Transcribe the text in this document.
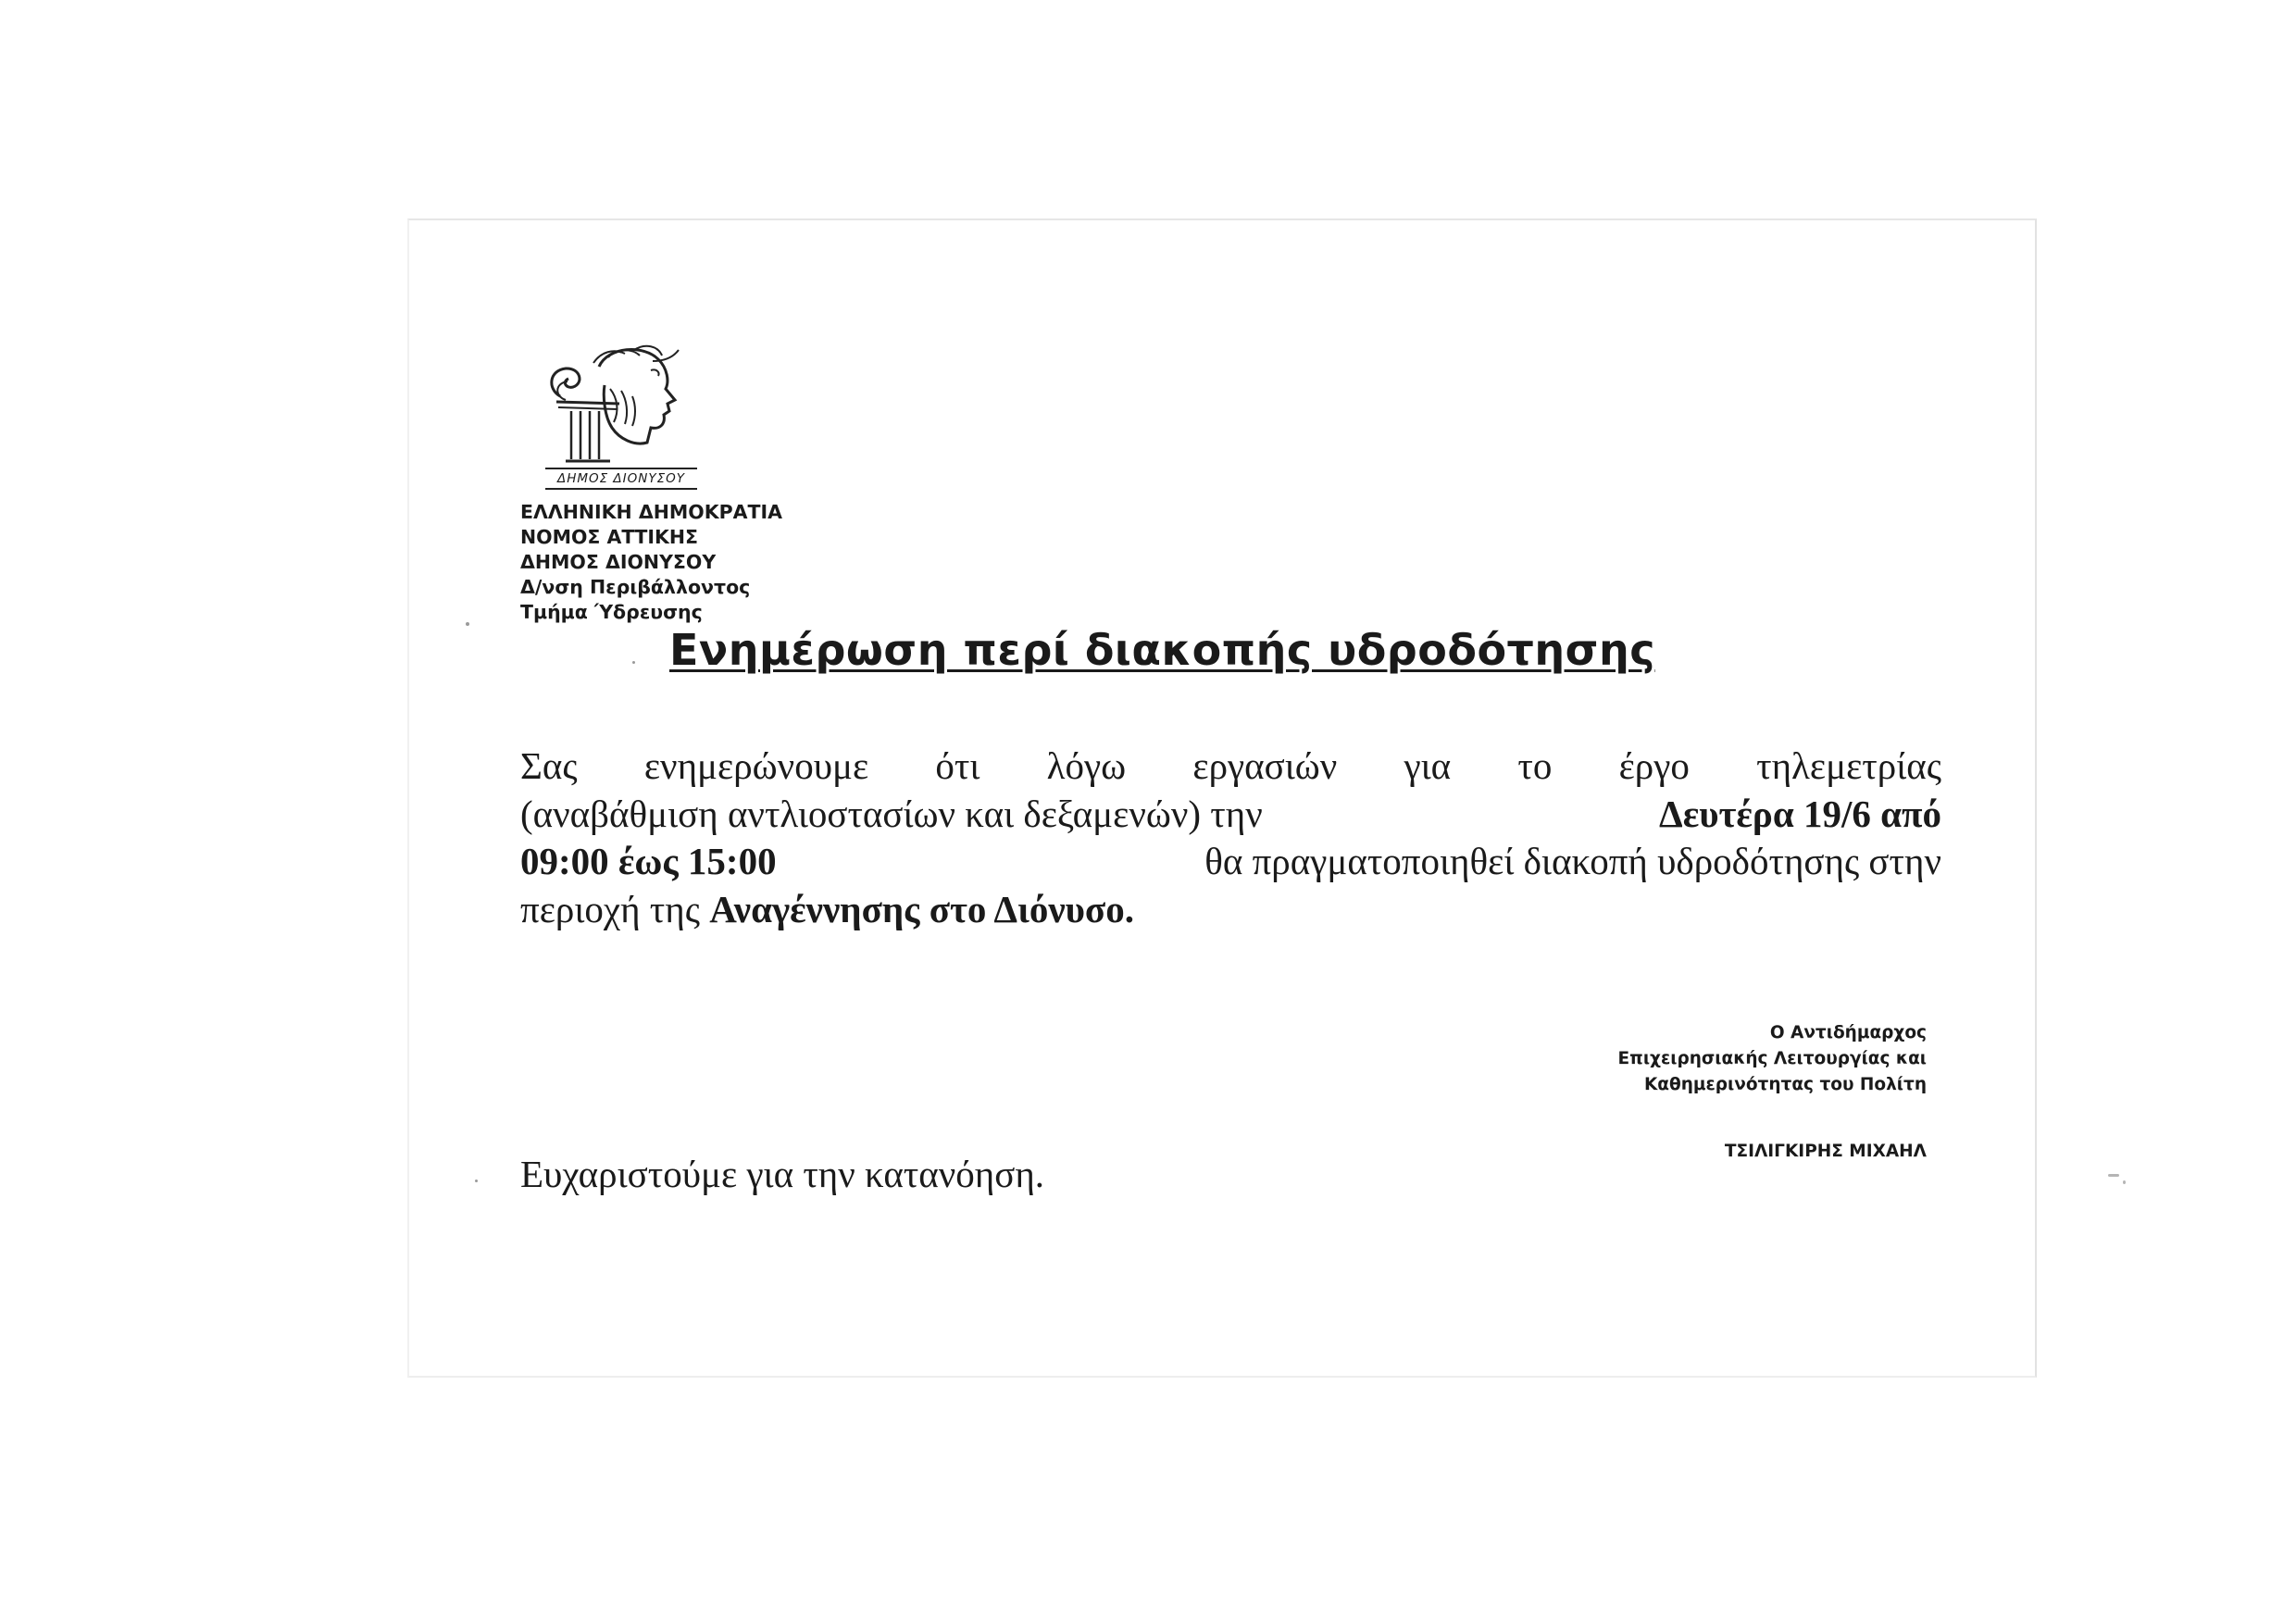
ΔΗΜΟΣ ΔΙΟΝΥΣΟΥ
ΕΛΛΗΝΙΚΗ ΔΗΜΟΚΡΑΤΙΑ
ΝΟΜΟΣ ΑΤΤΙΚΗΣ
ΔΗΜΟΣ ΔΙΟΝΥΣΟΥ
Δ/νση Περιβάλλοντος
Τμήμα Ύδρευσης
Ενημέρωση περί διακοπής υδροδότησης
Σας ενημερώνουμε ότι λόγω εργασιών για το έργο τηλεμετρίας
(αναβάθμιση αντλιοστασίων και δεξαμενών) την	Δευτέρα 19/6 από
09:00 έως 15:00	θα πραγματοποιηθεί διακοπή υδροδότησης στην
περιοχή της Αναγέννησης στο Διόνυσο.
Ευχαριστούμε για την κατανόηση.
Ο Αντιδήμαρχος
Επιχειρησιακής Λειτουργίας και
Καθημερινότητας του Πολίτη
ΤΣΙΛΙΓΚΙΡΗΣ ΜΙΧΑΗΛ
